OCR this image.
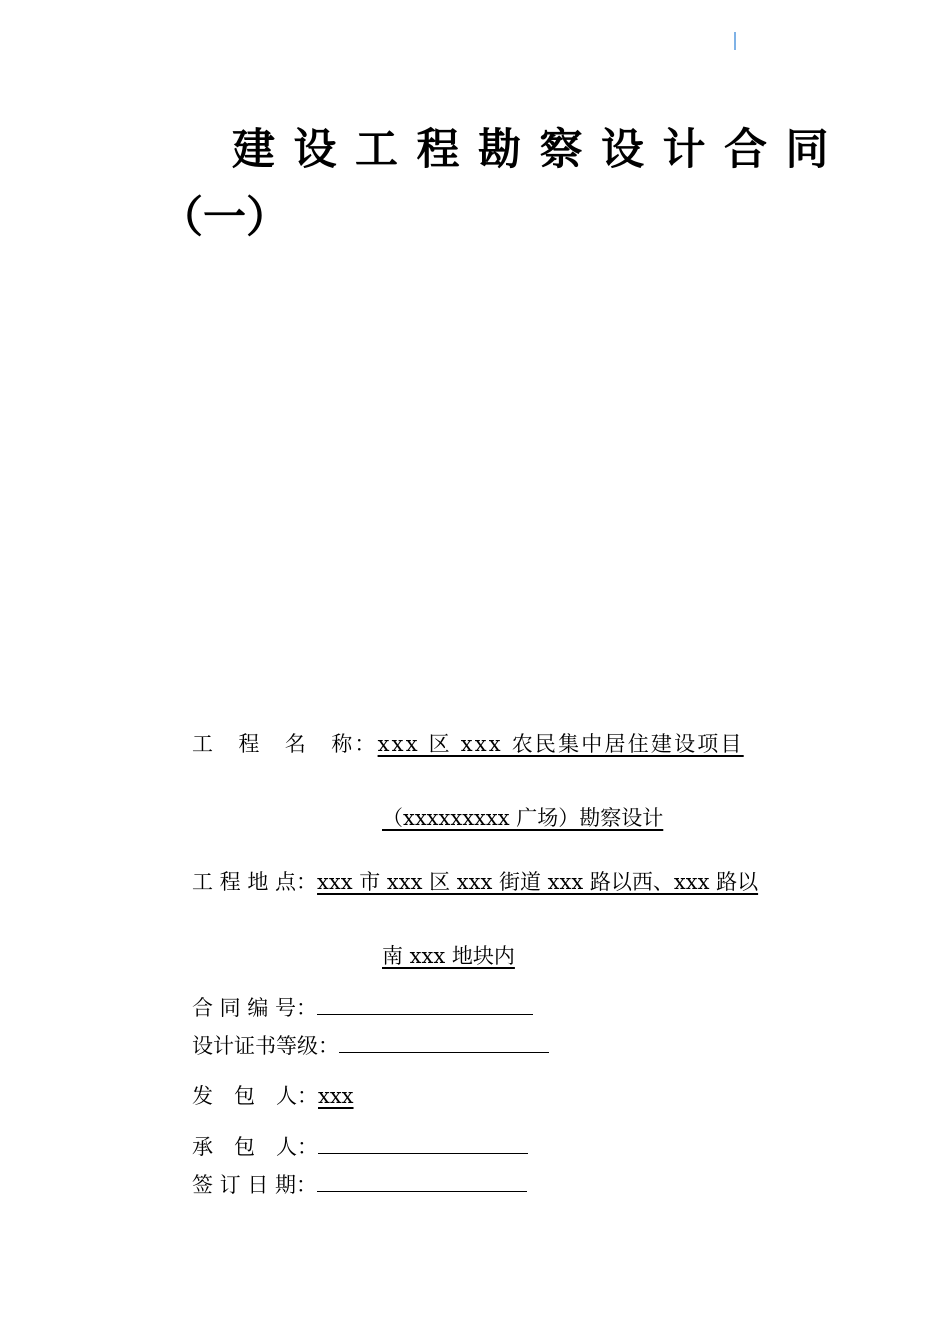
建设工程勘察设计合同
（一）
工　程　名　称：xxx 区 xxx 农民集中居住建设项目
（xxxxxxxxx 广场）勘察设计
工 程 地 点：xxx 市 xxx 区 xxx 街道 xxx 路以西、xxx 路以
南 xxx 地块内
合 同 编 号：
设计证书等级：
发　包　人：xxx
承　包　人：
签 订 日 期：
